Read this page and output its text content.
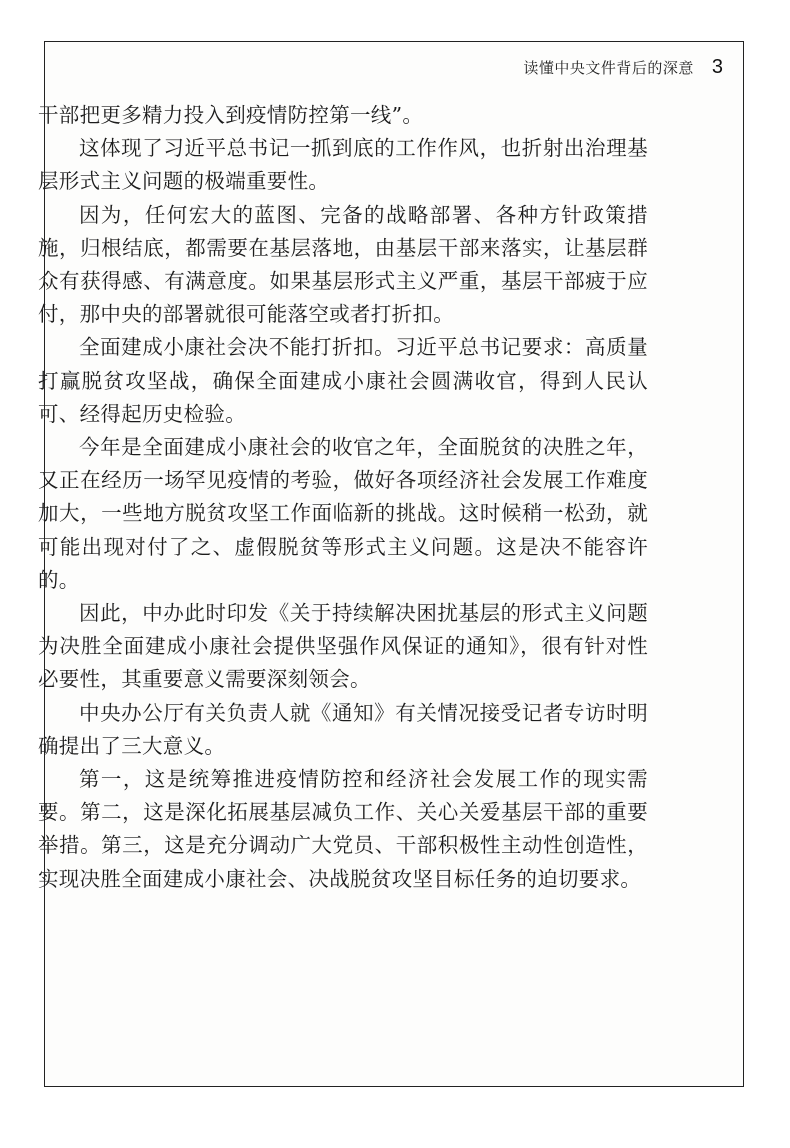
读懂中央文件背后的深意 3

干部把更多精力投入到疫情防控第一线”。

这体现了习近平总书记一抓到底的工作作风，也折射出治理基层形式主义问题的极端重要性。

因为，任何宏大的蓝图、完备的战略部署、各种方针政策措施，归根结底，都需要在基层落地，由基层干部来落实，让基层群众有获得感、有满意度。如果基层形式主义严重，基层干部疲于应付，那中央的部署就很可能落空或者打折扣。

全面建成小康社会决不能打折扣。习近平总书记要求：高质量打赢脱贫攻坚战，确保全面建成小康社会圆满收官，得到人民认可、经得起历史检验。

今年是全面建成小康社会的收官之年，全面脱贫的决胜之年，又正在经历一场罕见疫情的考验，做好各项经济社会发展工作难度加大，一些地方脱贫攻坚工作面临新的挑战。这时候稍一松劲，就可能出现对付了之、虚假脱贫等形式主义问题。这是决不能容许的。

因此，中办此时印发《关于持续解决困扰基层的形式主义问题为决胜全面建成小康社会提供坚强作风保证的通知》，很有针对性必要性，其重要意义需要深刻领会。

中央办公厅有关负责人就《通知》有关情况接受记者专访时明确提出了三大意义。

第一，这是统筹推进疫情防控和经济社会发展工作的现实需要。第二，这是深化拓展基层减负工作、关心关爱基层干部的重要举措。第三，这是充分调动广大党员、干部积极性主动性创造性，实现决胜全面建成小康社会、决战脱贫攻坚目标任务的迫切要求。
